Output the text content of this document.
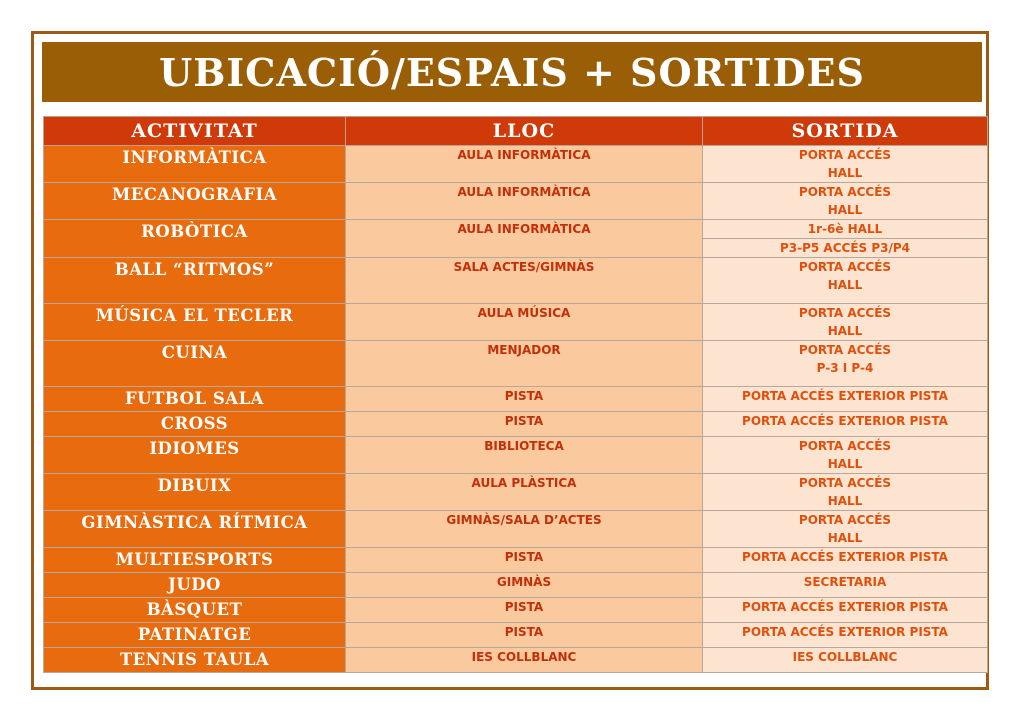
UBICACIÓ/ESPAIS + SORTIDES
ACTIVITAT	LLOC	SORTIDA

INFORMÀTICA	AULA INFORMÀTICA	PORTA ACCÉS
HALL

MECANOGRAFIA	AULA INFORMÀTICA	PORTA ACCÉS
HALL

ROBÒTICA	AULA INFORMÀTICA	1r-6è HALL
P3-P5 ACCÉS P3/P4

BALL “RITMOS”	SALA ACTES/GIMNÀS	PORTA ACCÉS
HALL

MÚSICA EL TECLER	AULA MÚSICA	PORTA ACCÉS
HALL

CUINA	MENJADOR	PORTA ACCÉS
P-3 I P-4

FUTBOL SALA	PISTA	PORTA ACCÉS EXTERIOR PISTA

CROSS	PISTA	PORTA ACCÉS EXTERIOR PISTA

IDIOMES	BIBLIOTECA	PORTA ACCÉS
HALL

DIBUIX	AULA PLÀSTICA	PORTA ACCÉS
HALL

GIMNÀSTICA RÍTMICA	GIMNÀS/SALA D’ACTES	PORTA ACCÉS
HALL

MULTIESPORTS	PISTA	PORTA ACCÉS EXTERIOR PISTA

JUDO	GIMNÀS	SECRETARIA

BÀSQUET	PISTA	PORTA ACCÉS EXTERIOR PISTA

PATINATGE	PISTA	PORTA ACCÉS EXTERIOR PISTA

TENNIS TAULA	IES COLLBLANC	IES COLLBLANC
